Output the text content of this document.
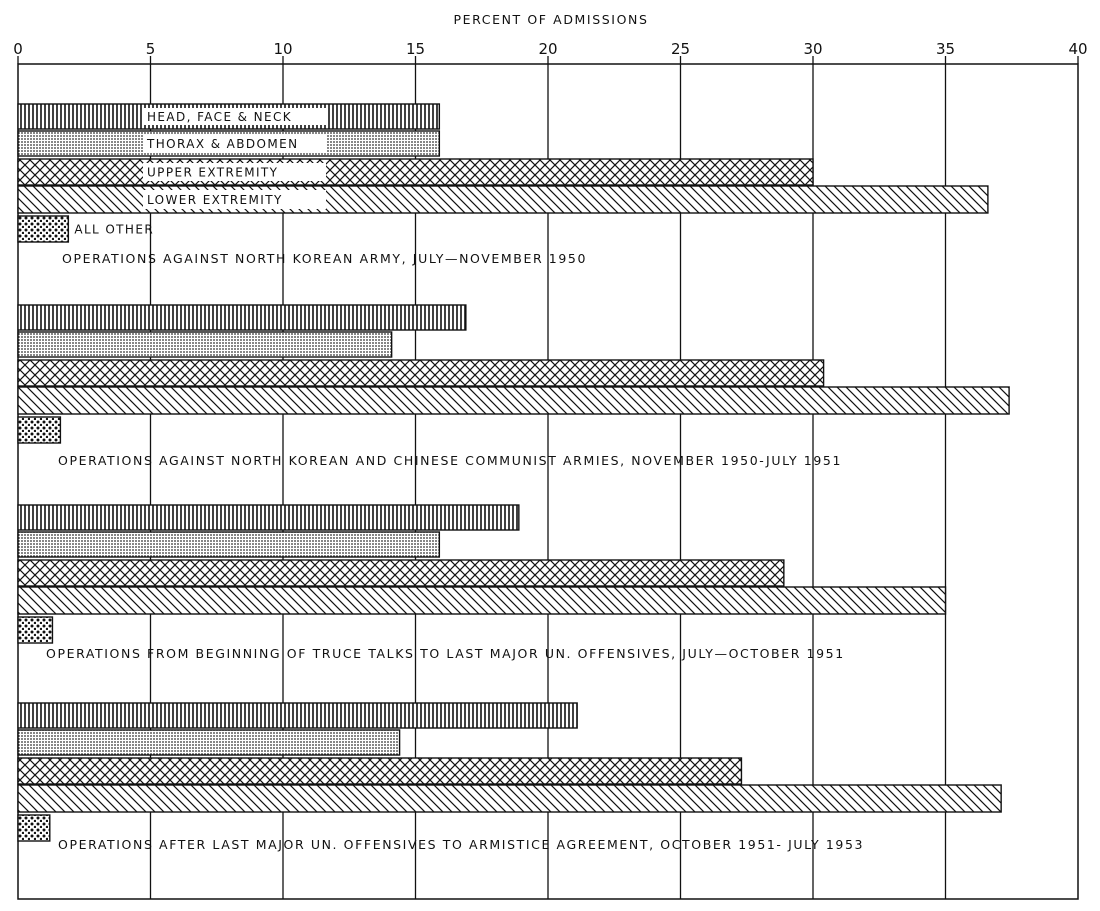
HEAD, FACE & NECK
THORAX & ABDOMEN
UPPER EXTREMITY
LOWER EXTREMITY
ALL OTHER
OPERATIONS AGAINST NORTH KOREAN ARMY, JULY—NOVEMBER 1950
OPERATIONS AGAINST NORTH KOREAN AND CHINESE COMMUNIST ARMIES, NOVEMBER 1950-JULY 1951
OPERATIONS FROM BEGINNING OF TRUCE TALKS TO LAST MAJOR UN. OFFENSIVES, JULY—OCTOBER 1951
OPERATIONS AFTER LAST MAJOR UN. OFFENSIVES TO ARMISTICE AGREEMENT, OCTOBER 1951- JULY 1953
PERCENT OF ADMISSIONS
0	5	10	15	20	25	30	35	40
